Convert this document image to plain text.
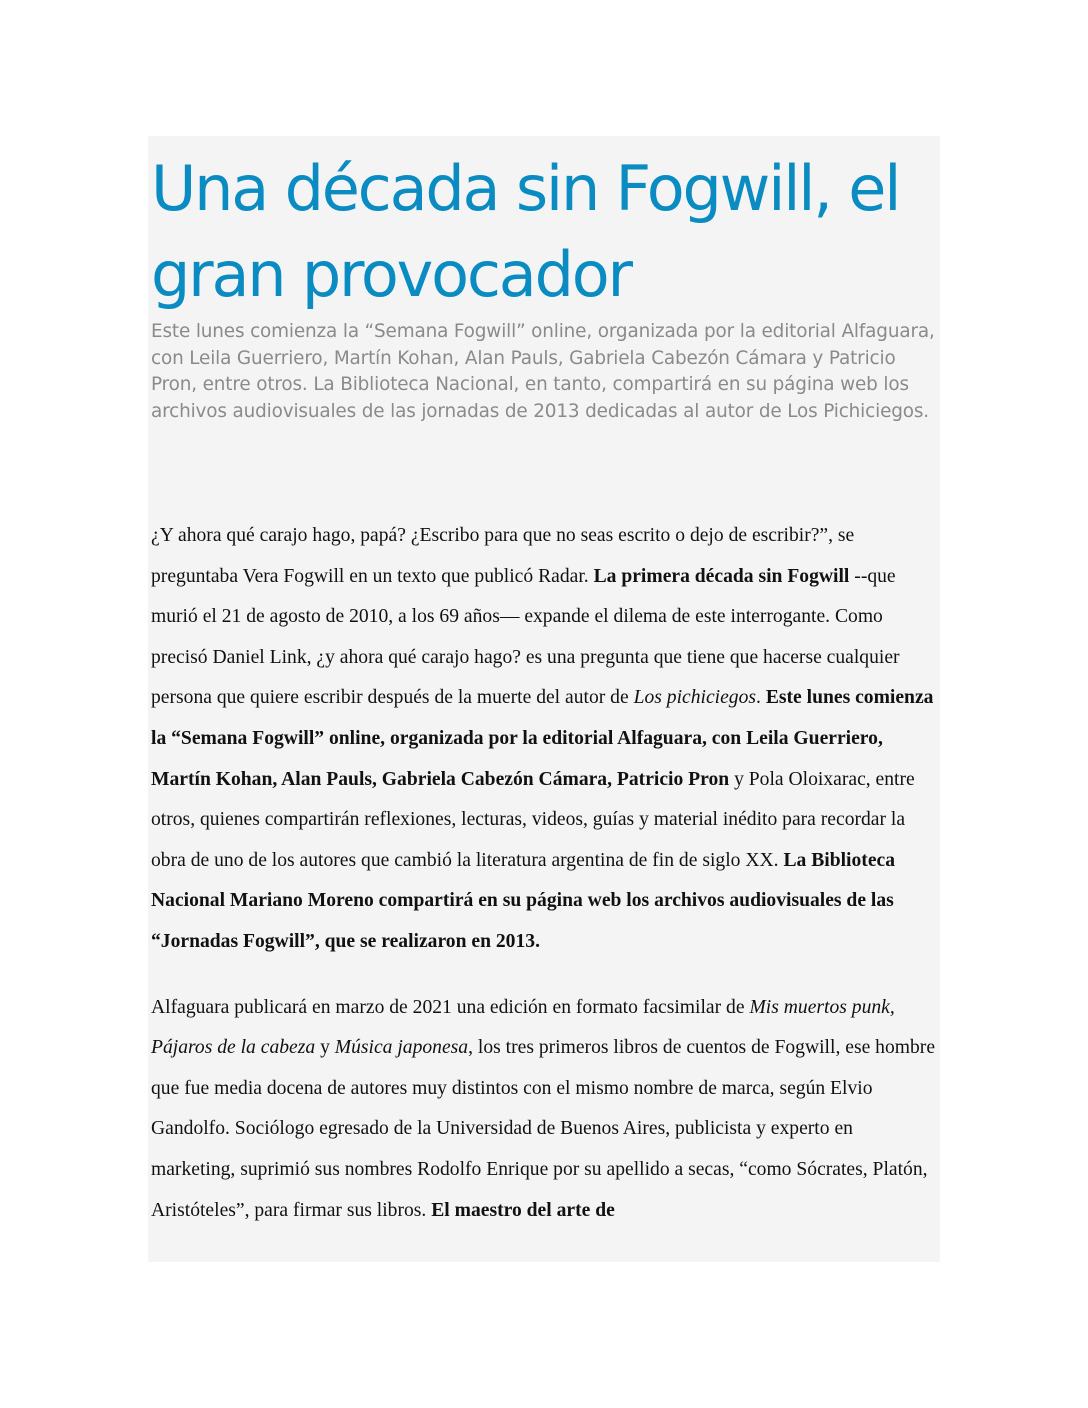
Una década sin Fogwill, el
gran provocador
Este lunes comienza la “Semana Fogwill” online, organizada por la editorial Alfaguara, con Leila Guerriero, Martín Kohan, Alan Pauls, Gabriela Cabezón Cámara y Patricio Pron, entre otros. La Biblioteca Nacional, en tanto, compartirá en su página web los archivos audiovisuales de las jornadas de 2013 dedicadas al autor de Los Pichiciegos.

¿Y ahora qué carajo hago, papá? ¿Escribo para que no seas escrito o dejo de escribir?”, se preguntaba Vera Fogwill en un texto que publicó Radar. La primera década sin Fogwill --que murió el 21 de agosto de 2010, a los 69 años— expande el dilema de este interrogante. Como precisó Daniel Link, ¿y ahora qué carajo hago? es una pregunta que tiene que hacerse cualquier persona que quiere escribir después de la muerte del autor de Los pichiciegos. Este lunes comienza la “Semana Fogwill” online, organizada por la editorial Alfaguara, con Leila Guerriero, Martín Kohan, Alan Pauls, Gabriela Cabezón Cámara, Patricio Pron y Pola Oloixarac, entre otros, quienes compartirán reflexiones, lecturas, videos, guías y material inédito para recordar la obra de uno de los autores que cambió la literatura argentina de fin de siglo XX. La Biblioteca Nacional Mariano Moreno compartirá en su página web los archivos audiovisuales de las “Jornadas Fogwill”, que se realizaron en 2013.

Alfaguara publicará en marzo de 2021 una edición en formato facsimilar de Mis muertos punk, Pájaros de la cabeza y Música japonesa, los tres primeros libros de cuentos de Fogwill, ese hombre que fue media docena de autores muy distintos con el mismo nombre de marca, según Elvio Gandolfo. Sociólogo egresado de la Universidad de Buenos Aires, publicista y experto en marketing, suprimió sus nombres Rodolfo Enrique por su apellido a secas, “como Sócrates, Platón, Aristóteles”, para firmar sus libros. El maestro del arte de
